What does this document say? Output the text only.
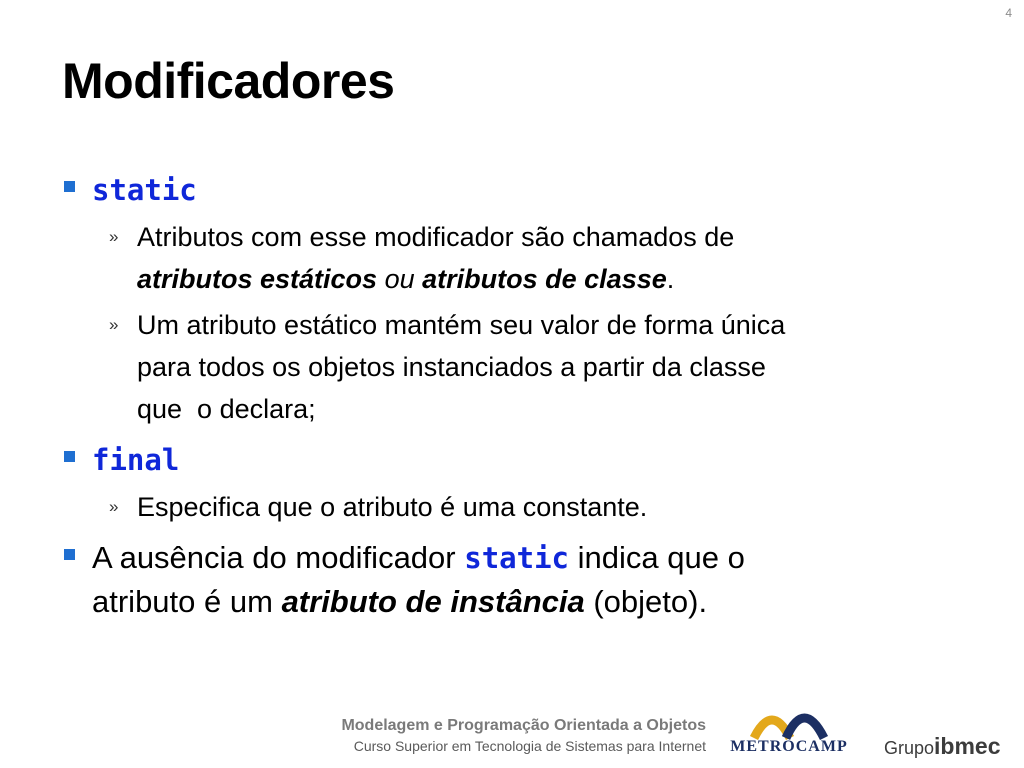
4
Modificadores
static
» Atributos com esse modificador são chamados de
atributos estáticos ou atributos de classe.
» Um atributo estático mantém seu valor de forma única
para todos os objetos instanciados a partir da classe
que  o declara;
final
» Especifica que o atributo é uma constante.
A ausência do modificador static indica que o
atributo é um atributo de instância (objeto).
Modelagem e Programação Orientada a Objetos
Curso Superior em Tecnologia de Sistemas para Internet METROCAMP Grupoibmec
